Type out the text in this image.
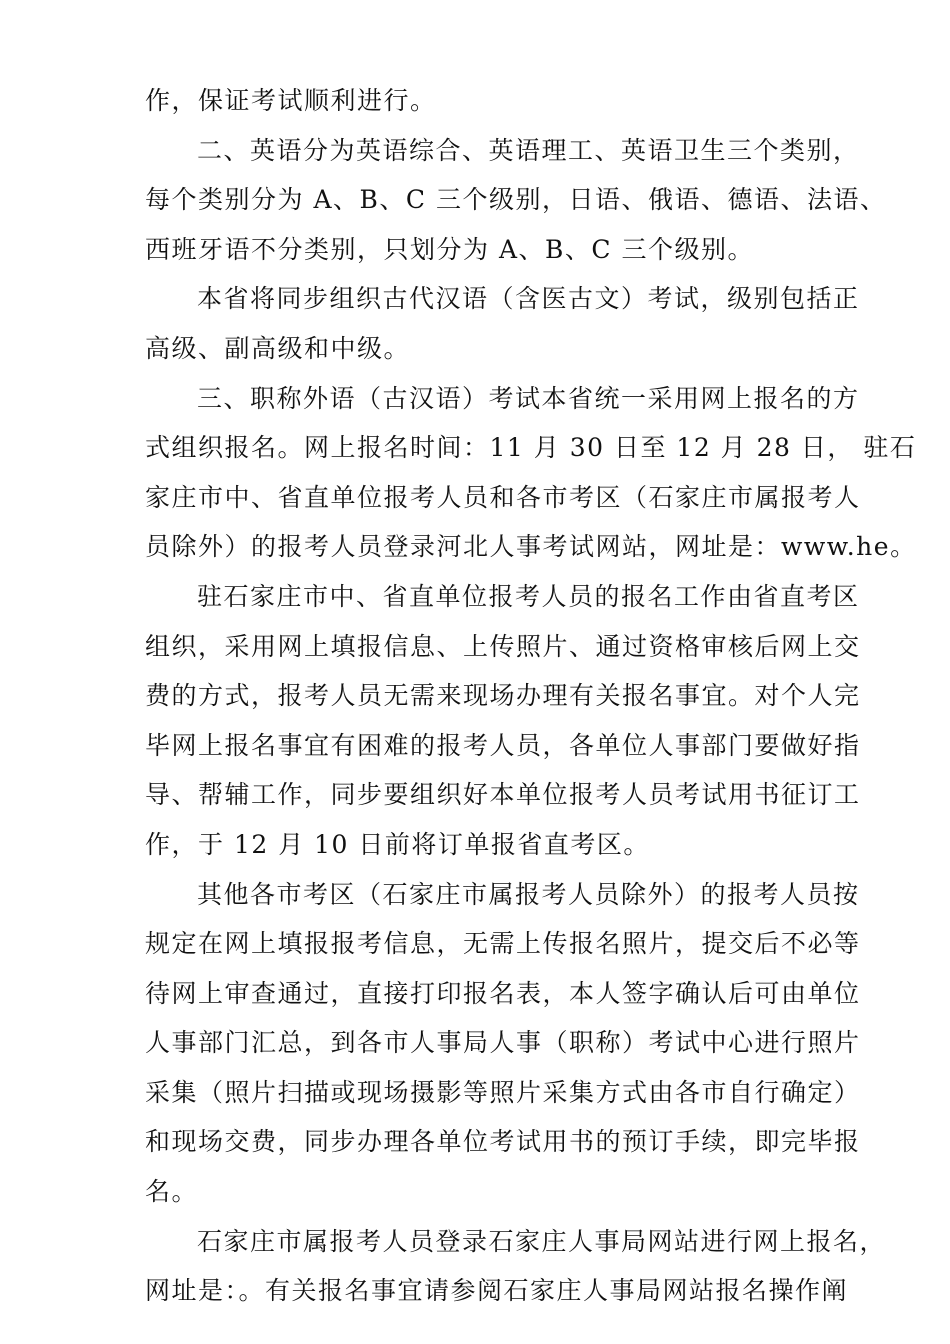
作，保证考试顺利进行。
二、英语分为英语综合、英语理工、英语卫生三个类别，
每个类别分为 A、B、C 三个级别，日语、俄语、德语、法语、
西班牙语不分类别，只划分为 A、B、C 三个级别。
本省将同步组织古代汉语（含医古文）考试，级别包括正
高级、副高级和中级。
三、职称外语（古汉语）考试本省统一采用网上报名的方
式组织报名。网上报名时间：11 月 30 日至 12 月 28 日， 驻石
家庄市中、省直单位报考人员和各市考区（石家庄市属报考人
员除外）的报考人员登录河北人事考试网站，网址是：www.he。
驻石家庄市中、省直单位报考人员的报名工作由省直考区
组织，采用网上填报信息、上传照片、通过资格审核后网上交
费的方式，报考人员无需来现场办理有关报名事宜。对个人完
毕网上报名事宜有困难的报考人员，各单位人事部门要做好指
导、帮辅工作，同步要组织好本单位报考人员考试用书征订工
作，于 12 月 10 日前将订单报省直考区。
其他各市考区（石家庄市属报考人员除外）的报考人员按
规定在网上填报报考信息，无需上传报名照片，提交后不必等
待网上审查通过，直接打印报名表，本人签字确认后可由单位
人事部门汇总，到各市人事局人事（职称）考试中心进行照片
采集（照片扫描或现场摄影等照片采集方式由各市自行确定）
和现场交费，同步办理各单位考试用书的预订手续，即完毕报
名。
石家庄市属报考人员登录石家庄人事局网站进行网上报名，
网址是：。有关报名事宜请参阅石家庄人事局网站报名操作阐
